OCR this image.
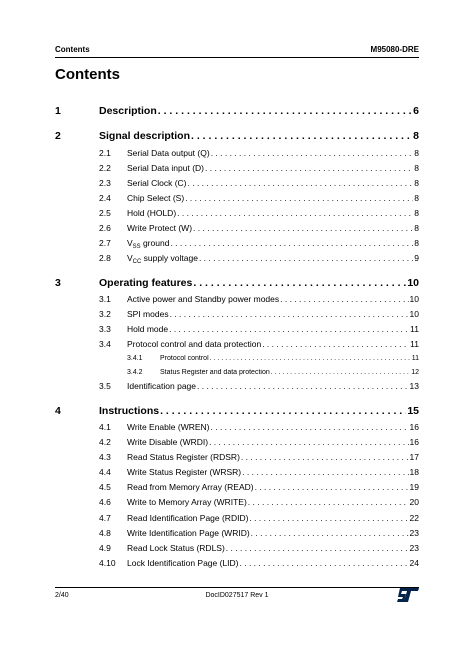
Contents	M95080-DRE
Contents
1	Description . . .	6
2	Signal description . . .	8
2.1	Serial Data output (Q) . . .	8
2.2	Serial Data input (D) . . .	8
2.3	Serial Clock (C) . . .	8
2.4	Chip Select $(\overline{S})$ . . .	8
2.5	Hold (HOLD) . . .	8
2.6	Write Protect $(\overline{W})$ . . .	8
2.7	$V_{SS}$ ground . . .	8
2.8	$V_{CC}$ supply voltage . . .	9
3	Operating features . . .	10
3.1	Active power and Standby power modes . . .	10
3.2	SPI modes . . .	10
3.3	Hold mode . . .	11
3.4	Protocol control and data protection . . .	11
3.4.1	Protocol control . . .	11
3.4.2	Status Register and data protection . . .	12
3.5	Identification page . . .	13
4	Instructions . . .	15
4.1	Write Enable (WREN) . . .	16
4.2	Write Disable (WRDI) . . .	16
4.3	Read Status Register (RDSR) . . .	17
4.4	Write Status Register (WRSR) . . .	18
4.5	Read from Memory Array (READ) . . .	19
4.6	Write to Memory Array (WRITE) . . .	20
4.7	Read Identification Page (RDID) . . .	22
4.8	Write Identification Page (WRID) . . .	23
4.9	Read Lock Status (RDLS) . . .	23
4.10	Lock Identification Page (LID) . . .	24
2/40	DocID027517 Rev 1
